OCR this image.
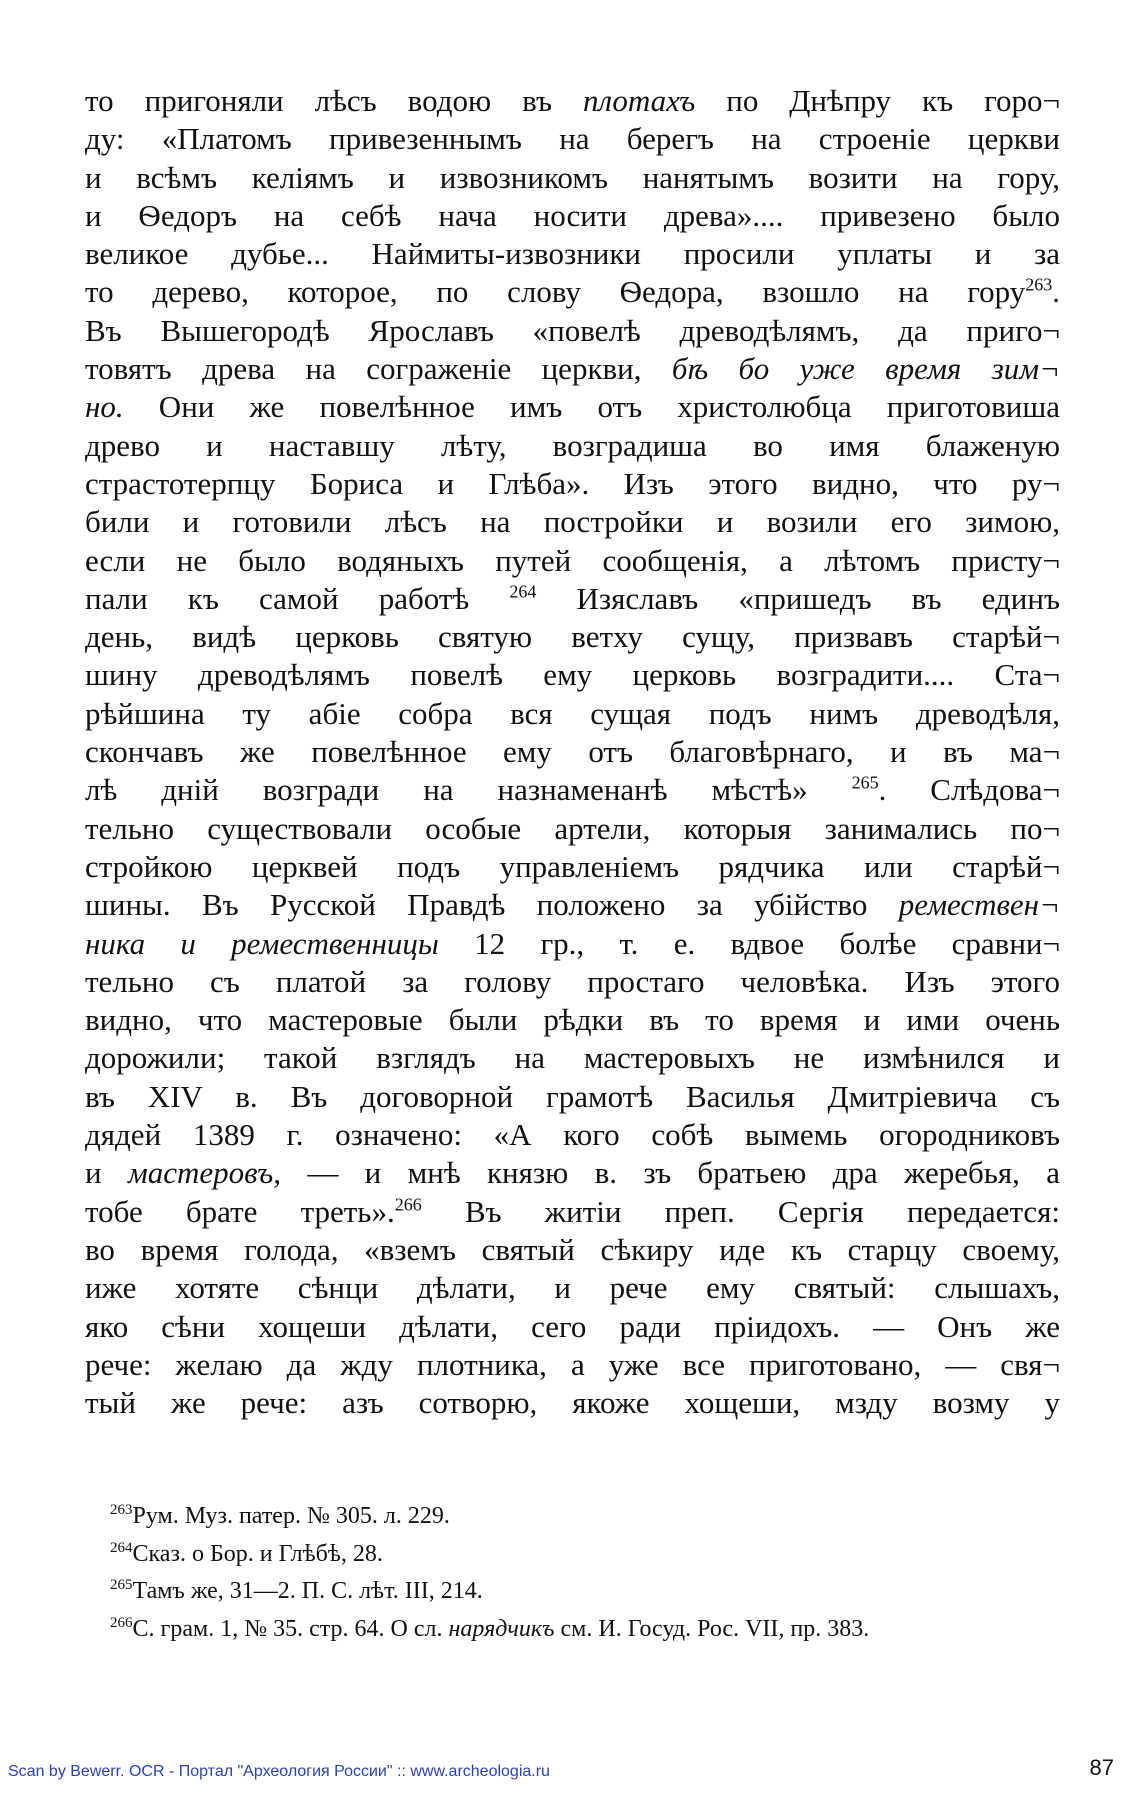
то пригоняли лѣсъ водою въ плотахъ по Днѣпру къ горо¬
ду: «Платомъ привезеннымъ на берегъ на строеніе церкви
и всѣмъ келіямъ и извозникомъ нанятымъ возити на гору,
и Ѳедоръ на себѣ нача носити древа».... привезено было
великое дубье... Наймиты-извозники просили уплаты и за
то дерево, которое, по слову Ѳедора, взошло на гору$^{263}$.
Въ Вышегородѣ Ярославъ «повелѣ древодѣлямъ, да приго¬
товятъ древа на сограженіе церкви, бѣ бо уже время зим¬
но. Они же повелѣнное имъ отъ христолюбца приготовиша
древо и наставшу лѣту, возградиша во имя блаженую
страстотерпцу Бориса и Глѣба». Изъ этого видно, что ру¬
били и готовили лѣсъ на постройки и возили его зимою,
если не было водяныхъ путей сообщенія, а лѣтомъ присту¬
пали къ самой работѣ $^{264}$ Изяславъ «пришедъ въ единъ
день, видѣ церковь святую ветху сущу, призвавъ старѣй¬
шину древодѣлямъ повелѣ ему церковь возградити.... Ста¬
рѣйшина ту абіе собра вся сущая подъ нимъ древодѣля,
скончавъ же повелѣнное ему отъ благовѣрнаго, и въ ма¬
лѣ дній возгради на назнаменанѣ мѣстѣ» $^{265}$. Слѣдова¬
тельно существовали особые артели, которыя занимались по¬
стройкою церквей подъ управленіемъ рядчика или старѣй¬
шины. Въ Русской Правдѣ положено за убійство ремествен¬
ника и ремественницы 12 гр., т. е. вдвое болѣе сравни¬
тельно съ платой за голову простаго человѣка. Изъ этого
видно, что мастеровые были рѣдки въ то время и ими очень
дорожили; такой взглядъ на мастеровыхъ не измѣнился и
въ XIV в. Въ договорной грамотѣ Василья Дмитріевича съ
дядей 1389 г. означено: «А кого собѣ вымемь огородниковъ
и мастеровъ, — и мнѣ князю в. зъ братьею дра жеребья, а
тобе брате треть».$^{266}$ Въ житіи преп. Сергія передается:
во время голода, «вземъ святый сѣкиру иде къ старцу своему,
иже хотяте сѣнци дѣлати, и рече ему святый: слышахъ,
яко сѣни хощеши дѣлати, сего ради пріидохъ. — Онъ же
рече: желаю да жду плотника, а уже все приготовано, — свя¬
тый же рече: азъ сотворю, якоже хощеши, мзду возму у
$^{263}$Рум. Муз. патер. № 305. л. 229.
$^{264}$Сказ. о Бор. и Глѣбѣ, 28.
$^{265}$Тамъ же, 31—2. П. С. лѣт. III, 214.
$^{266}$С. грам. 1, № 35. стр. 64. О сл. нарядчикъ см. И. Госуд. Рос. VII, пр. 383.
Scan by Bewerr. OCR - Портал "Археология России" :: www.archeologia.ru	87
